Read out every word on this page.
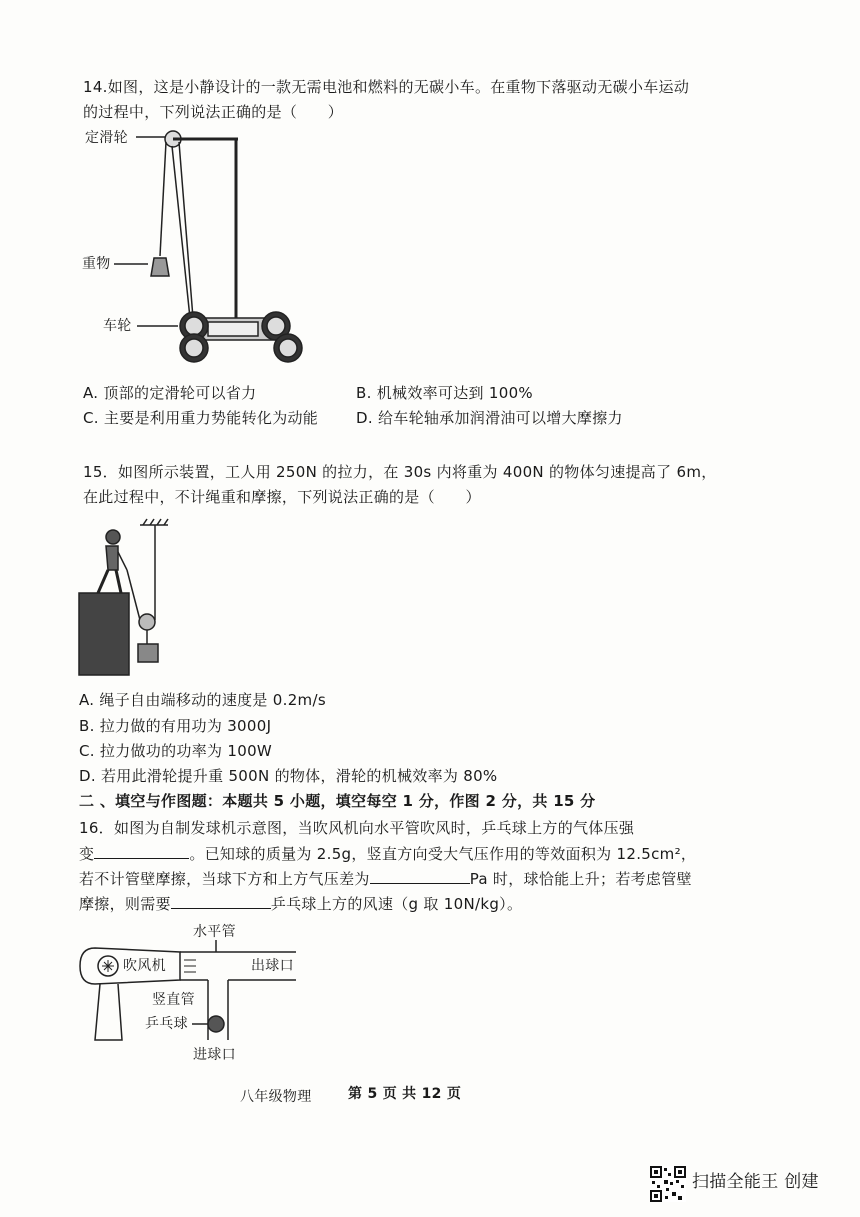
14.如图，这是小静设计的一款无需电池和燃料的无碳小车。在重物下落驱动无碳小车运动
的过程中，下列说法正确的是（　　）
定滑轮
重物
车轮
A. 顶部的定滑轮可以省力	B. 机械效率可达到 100%
C. 主要是利用重力势能转化为动能	D. 给车轮轴承加润滑油可以增大摩擦力
15．如图所示装置，工人用 250N 的拉力，在 30s 内将重为 400N 的物体匀速提高了 6m，
在此过程中，不计绳重和摩擦，下列说法正确的是（　　）
A. 绳子自由端移动的速度是 0.2m/s
B. 拉力做的有用功为 3000J
C. 拉力做功的功率为 100W
D. 若用此滑轮提升重 500N 的物体，滑轮的机械效率为 80%
二 、填空与作图题：本题共 5 小题，填空每空 1 分，作图 2 分，共 15 分
16．如图为自制发球机示意图，当吹风机向水平管吹风时，乒乓球上方的气体压强
变	。已知球的质量为 2.5g，竖直方向受大气压作用的等效面积为 12.5cm²，
若不计管壁摩擦，当球下方和上方气压差为	Pa 时，球恰能上升；若考虑管壁
摩擦，则需要	乒乓球上方的风速（g 取 10N/kg）。
水平管
吹风机	出球口
竖直管
乒乓球
进球口
八年级物理	第 5 页 共 12 页
扫描全能王 创建
